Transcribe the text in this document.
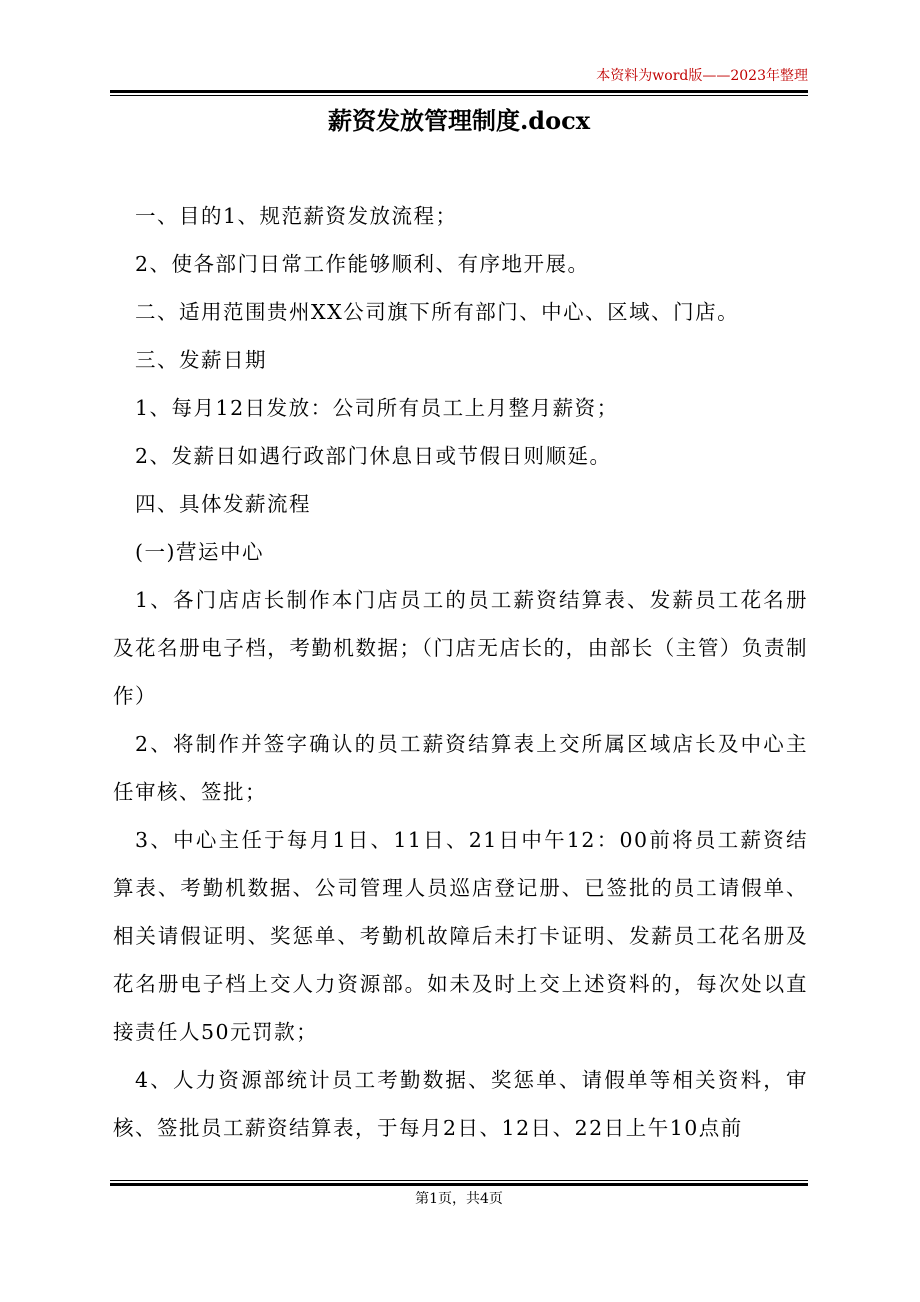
本资料为word版——2023年整理
薪资发放管理制度.docx

一、目的1、规范薪资发放流程；

2、使各部门日常工作能够顺利、有序地开展。

二、适用范围贵州XX公司旗下所有部门、中心、区域、门店。

三、发薪日期

1、每月12日发放：公司所有员工上月整月薪资；

2、发薪日如遇行政部门休息日或节假日则顺延。

四、具体发薪流程

(一)营运中心

1、各门店店长制作本门店员工的员工薪资结算表、发薪员工花名册及花名册电子档，考勤机数据；（门店无店长的，由部长（主管）负责制作）

2、将制作并签字确认的员工薪资结算表上交所属区域店长及中心主任审核、签批；

3、中心主任于每月1日、11日、21日中午12：00前将员工薪资结算表、考勤机数据、公司管理人员巡店登记册、已签批的员工请假单、相关请假证明、奖惩单、考勤机故障后未打卡证明、发薪员工花名册及花名册电子档上交人力资源部。如未及时上交上述资料的，每次处以直接责任人50元罚款；

4、人力资源部统计员工考勤数据、奖惩单、请假单等相关资料，审核、签批员工薪资结算表，于每月2日、12日、22日上午10点前

第1页，共4页
